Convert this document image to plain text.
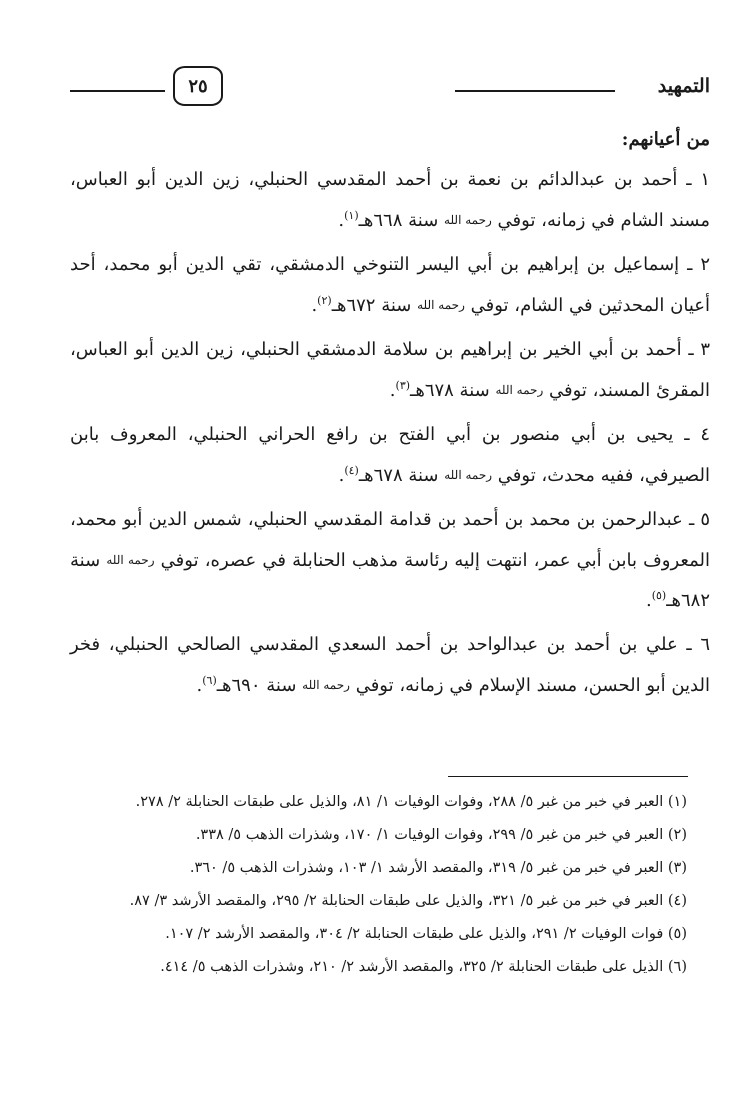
التمهيد
٢٥

من أعيانهم:

١ ـ أحمد بن عبدالدائم بن نعمة بن أحمد المقدسي الحنبلي، زين الدين أبو العباس، مسند الشام في زمانه، توفي رحمه الله سنة ٦٦٨هـ$^{(١)}$.

٢ ـ إسماعيل بن إبراهيم بن أبي اليسر التنوخي الدمشقي، تقي الدين أبو محمد، أحد أعيان المحدثين في الشام، توفي رحمه الله سنة ٦٧٢هـ$^{(٢)}$.

٣ ـ أحمد بن أبي الخير بن إبراهيم بن سلامة الدمشقي الحنبلي، زين الدين أبو العباس، المقرئ المسند، توفي رحمه الله سنة ٦٧٨هـ$^{(٣)}$.

٤ ـ يحيى بن أبي منصور بن أبي الفتح بن رافع الحراني الحنبلي، المعروف بابن الصيرفي، ففيه محدث، توفي رحمه الله سنة ٦٧٨هـ$^{(٤)}$.

٥ ـ عبدالرحمن بن محمد بن أحمد بن قدامة المقدسي الحنبلي، شمس الدين أبو محمد، المعروف بابن أبي عمر، انتهت إليه رئاسة مذهب الحنابلة في عصره، توفي رحمه الله سنة ٦٨٢هـ$^{(٥)}$.

٦ ـ علي بن أحمد بن عبدالواحد بن أحمد السعدي المقدسي الصالحي الحنبلي، فخر الدين أبو الحسن، مسند الإسلام في زمانه، توفي رحمه الله سنة ٦٩٠هـ$^{(٦)}$.

(١) العبر في خبر من غبر ٥/ ٢٨٨، وفوات الوفيات ١/ ٨١، والذيل على طبقات الحنابلة ٢/ ٢٧٨.

(٢) العبر في خبر من غبر ٥/ ٢٩٩، وفوات الوفيات ١/ ١٧٠، وشذرات الذهب ٥/ ٣٣٨.

(٣) العبر في خبر من غبر ٥/ ٣١٩، والمقصد الأرشد ١/ ١٠٣، وشذرات الذهب ٥/ ٣٦٠.

(٤) العبر في خبر من غبر ٥/ ٣٢١، والذيل على طبقات الحنابلة ٢/ ٢٩٥، والمقصد الأرشد ٣/ ٨٧.

(٥) فوات الوفيات ٢/ ٢٩١، والذيل على طبقات الحنابلة ٢/ ٣٠٤، والمقصد الأرشد ٢/ ١٠٧.

(٦) الذيل على طبقات الحنابلة ٢/ ٣٢٥، والمقصد الأرشد ٢/ ٢١٠، وشذرات الذهب ٥/ ٤١٤.
